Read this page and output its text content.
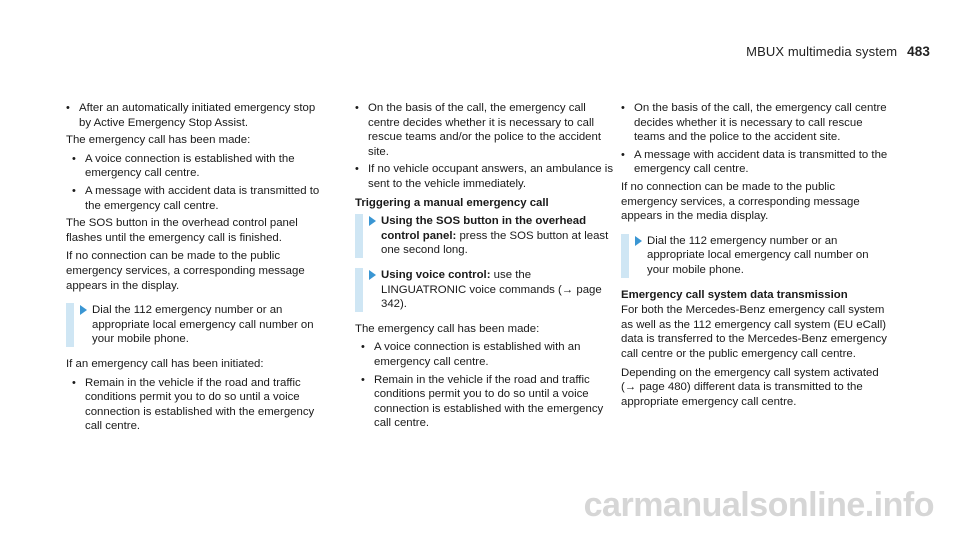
MBUX multimedia system 483
• After an automatically initiated emergency stop by Active Emergency Stop Assist.
The emergency call has been made:
• A voice connection is established with the emergency call centre.
• A message with accident data is transmitted to the emergency call centre.
The SOS button in the overhead control panel flashes until the emergency call is finished.
If no connection can be made to the public emergency services, a corresponding message appears in the display.
Dial the 112 emergency number or an appropriate local emergency call number on your mobile phone.
If an emergency call has been initiated:
• Remain in the vehicle if the road and traffic conditions permit you to do so until a voice connection is established with the emergency call centre.
• On the basis of the call, the emergency call centre decides whether it is necessary to call rescue teams and/or the police to the accident site.
• If no vehicle occupant answers, an ambulance is sent to the vehicle immediately.
Triggering a manual emergency call
Using the SOS button in the overhead control panel: press the SOS button at least one second long.
Using voice control: use the LINGUATRONIC voice commands (→ page 342).
The emergency call has been made:
• A voice connection is established with an emergency call centre.
• Remain in the vehicle if the road and traffic conditions permit you to do so until a voice connection is established with the emergency call centre.
• On the basis of the call, the emergency call centre decides whether it is necessary to call rescue teams and the police to the accident site.
• A message with accident data is transmitted to the emergency call centre.
If no connection can be made to the public emergency services, a corresponding message appears in the media display.
Dial the 112 emergency number or an appropriate local emergency call number on your mobile phone.
Emergency call system data transmission
For both the Mercedes-Benz emergency call system as well as the 112 emergency call system (EU eCall) data is transferred to the Mercedes-Benz emergency call centre or the public emergency call centre.
Depending on the emergency call system activated (→ page 480) different data is transmitted to the appropriate emergency call centre.
carmanualsonline.info
